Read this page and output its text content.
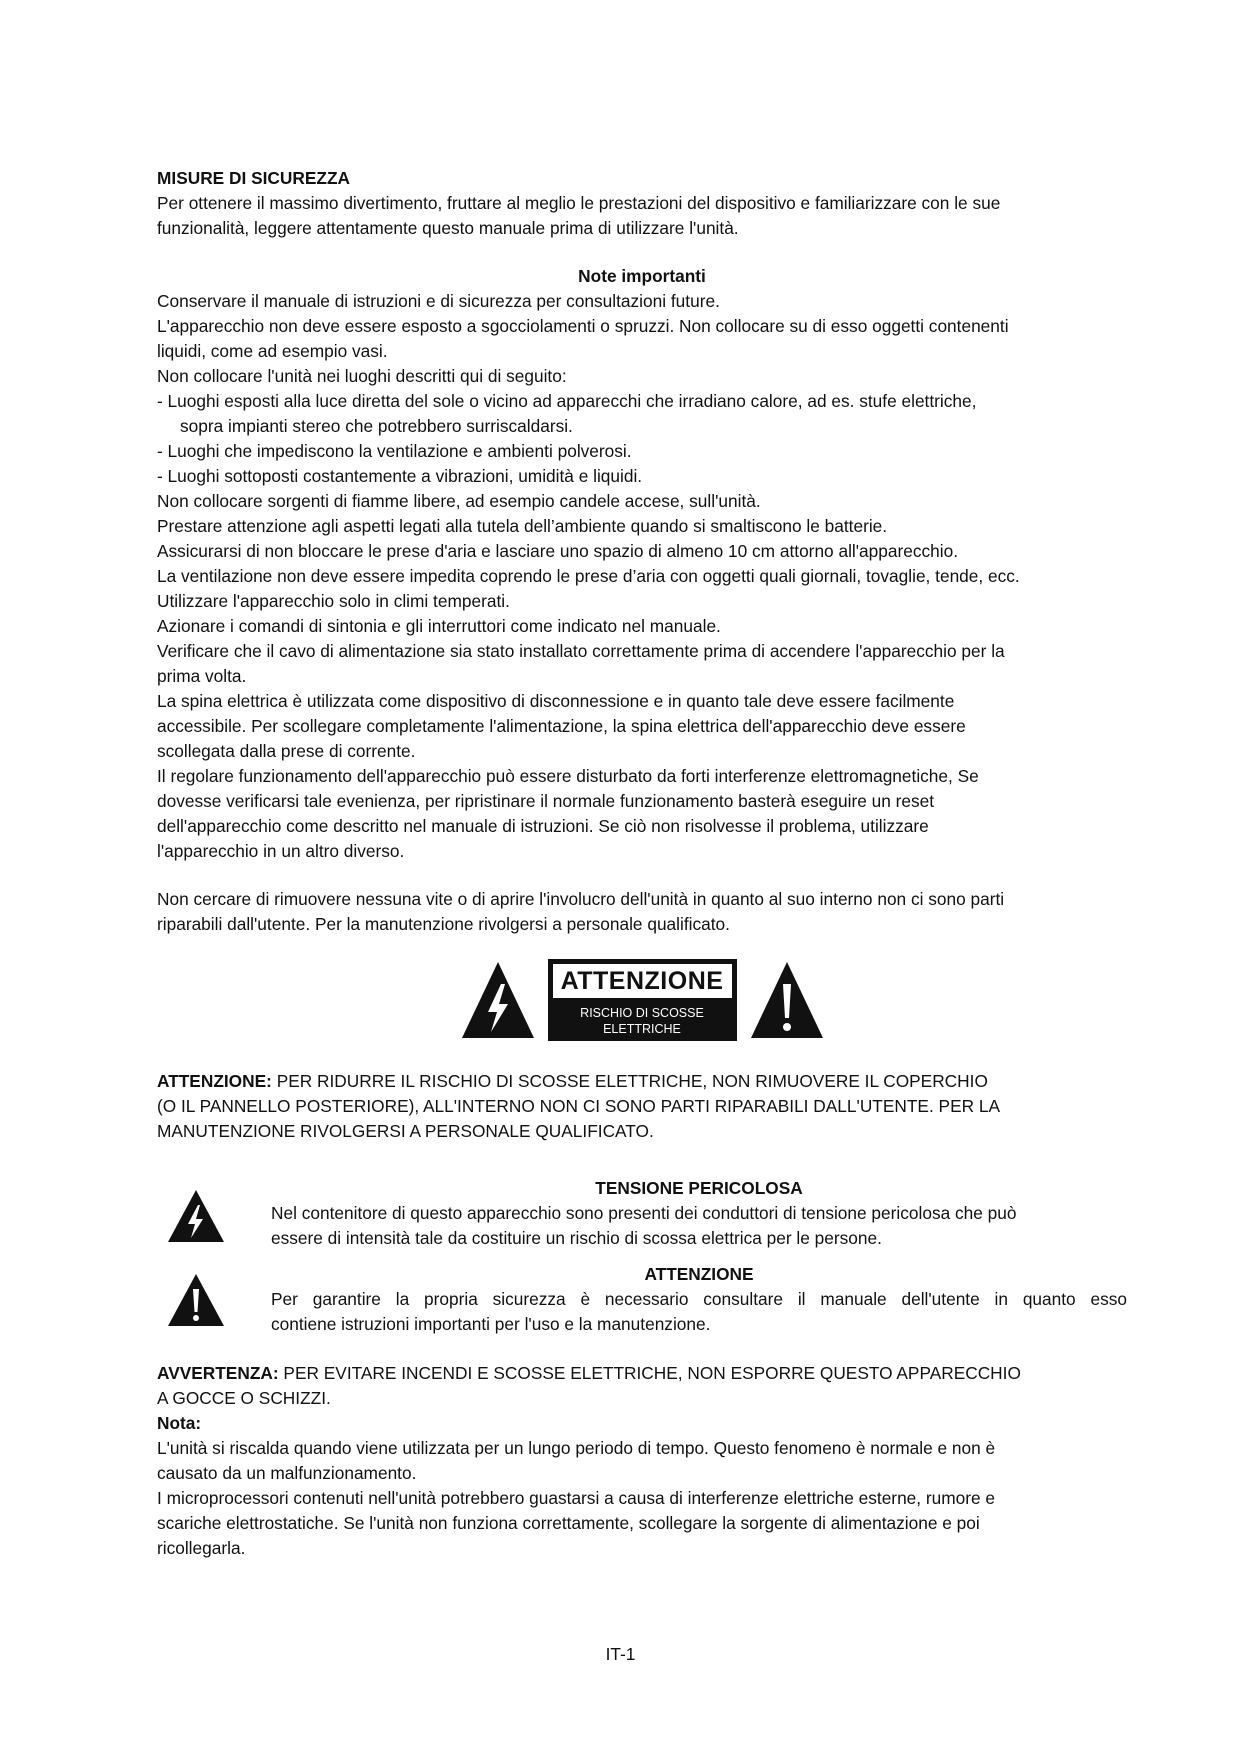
MISURE DI SICUREZZA

Per ottenere il massimo divertimento, fruttare al meglio le prestazioni del dispositivo e familiarizzare con le sue

funzionalità, leggere attentamente questo manuale prima di utilizzare l'unità.

Note importanti

Conservare il manuale di istruzioni e di sicurezza per consultazioni future.

L'apparecchio non deve essere esposto a sgocciolamenti o spruzzi. Non collocare su di esso oggetti contenenti

liquidi, come ad esempio vasi.

Non collocare l'unità nei luoghi descritti qui di seguito:

- Luoghi esposti alla luce diretta del sole o vicino ad apparecchi che irradiano calore, ad es. stufe elettriche,

sopra impianti stereo che potrebbero surriscaldarsi.

- Luoghi che impediscono la ventilazione e ambienti polverosi.

- Luoghi sottoposti costantemente a vibrazioni, umidità e liquidi.

Non collocare sorgenti di fiamme libere, ad esempio candele accese, sull'unità.

Prestare attenzione agli aspetti legati alla tutela dell’ambiente quando si smaltiscono le batterie.

Assicurarsi di non bloccare le prese d'aria e lasciare uno spazio di almeno 10 cm attorno all'apparecchio.

La ventilazione non deve essere impedita coprendo le prese d’aria con oggetti quali giornali, tovaglie, tende, ecc.

Utilizzare l'apparecchio solo in climi temperati.

Azionare i comandi di sintonia e gli interruttori come indicato nel manuale.

Verificare che il cavo di alimentazione sia stato installato correttamente prima di accendere l'apparecchio per la

prima volta.

La spina elettrica è utilizzata come dispositivo di disconnessione e in quanto tale deve essere facilmente

accessibile. Per scollegare completamente l'alimentazione, la spina elettrica dell'apparecchio deve essere

scollegata dalla prese di corrente.

Il regolare funzionamento dell'apparecchio può essere disturbato da forti interferenze elettromagnetiche, Se

dovesse verificarsi tale evenienza, per ripristinare il normale funzionamento basterà eseguire un reset

dell'apparecchio come descritto nel manuale di istruzioni. Se ciò non risolvesse il problema, utilizzare

l'apparecchio in un altro diverso.

Non cercare di rimuovere nessuna vite o di aprire l'involucro dell'unità in quanto al suo interno non ci sono parti

riparabili dall'utente. Per la manutenzione rivolgersi a personale qualificato.

ATTENZIONE
RISCHIO DI SCOSSE
ELETTRICHE

ATTENZIONE: PER RIDURRE IL RISCHIO DI SCOSSE ELETTRICHE, NON RIMUOVERE IL COPERCHIO

(O IL PANNELLO POSTERIORE), ALL'INTERNO NON CI SONO PARTI RIPARABILI DALL'UTENTE. PER LA

MANUTENZIONE RIVOLGERSI A PERSONALE QUALIFICATO.

TENSIONE PERICOLOSA

Nel contenitore di questo apparecchio sono presenti dei conduttori di tensione pericolosa che può

essere di intensità tale da costituire un rischio di scossa elettrica per le persone.

ATTENZIONE

Per garantire la propria sicurezza è necessario consultare il manuale dell'utente in quanto esso

contiene istruzioni importanti per l'uso e la manutenzione.

AVVERTENZA: PER EVITARE INCENDI E SCOSSE ELETTRICHE, NON ESPORRE QUESTO APPARECCHIO

A GOCCE O SCHIZZI.

Nota:

L'unità si riscalda quando viene utilizzata per un lungo periodo di tempo. Questo fenomeno è normale e non è

causato da un malfunzionamento.

I microprocessori contenuti nell'unità potrebbero guastarsi a causa di interferenze elettriche esterne, rumore e

scariche elettrostatiche. Se l'unità non funziona correttamente, scollegare la sorgente di alimentazione e poi

ricollegarla.

IT-1
